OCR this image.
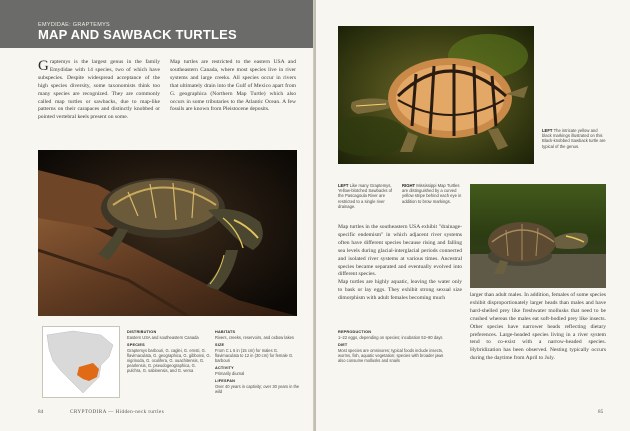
EMYDIDAE: GRAPTEMYS
MAP AND SAWBACK TURTLES
Graptemys is the largest genus in the family Emydidae with 14 species, two of which have subspecies. Despite widespread acceptance of the high species diversity, some taxonomists think too many species are recognized. They are commonly called map turtles or sawbacks, due to map-like patterns on their carapaces and distinctly knobbed or pointed vertebral keels present on some.
Map turtles are restricted to the eastern USA and southeastern Canada, where most species live in river systems and large creeks. All species occur in rivers that ultimately drain into the Gulf of Mexico apart from G. geographica (Northern Map Turtle) which also occurs in some tributaries to the Atlantic Ocean. A few fossils are known from Pleistocene deposits.
DISTRIBUTION
Eastern USA and southeastern Canada
SPECIES
Graptemys barbouri, G. caglei, G. ernsti, G. flavimaculata, G. geographica, G. gibbonsi, G. nigrinoda, G. oculifera, G. ouachitensis, G. pearlensis, G. pseudogeographica, G. pulchra, G. sabinensis, and G. versa
HABITATS
Rivers, creeks, reservoirs, and oxbow lakes
SIZE
From C L 6 in (15 cm) for males G. flavimaculata to 12 in (30 cm) for female G. barbouri
ACTIVITY
Primarily diurnal
LIFESPAN
Over 40 years in captivity; over 30 years in the wild
84	CRYPTODIRA — Hidden-neck turtles
LEFT The intricate yellow and black markings illustrated on this Black-knobbed Sawback turtle are typical of the genus.
LEFT Like many Graptemys, Yellow-blotched Sawbacks of the Pascagoula River are restricted to a single river drainage.
RIGHT Mississippi Map Turtles are distinguished by a curved yellow stripe behind each eye in addition to brow markings.
Map turtles in the southeastern USA exhibit "drainage-specific endemism" in which adjacent river systems often have different species because rising and falling sea levels during glacial-interglacial periods connected and isolated river systems at various times. Ancestral species became separated and eventually evolved into different species.
Map turtles are highly aquatic, leaving the water only to bask or lay eggs. They exhibit strong sexual size dimorphism with adult females becoming much
larger than adult males. In addition, females of some species exhibit disproportionately larger heads than males and have hard-shelled prey like freshwater mollusks that need to be crushed whereas the males eat soft-bodied prey like insects. Other species have narrower heads reflecting dietary preferences. Large-headed species living in a river system tend to co-exist with a narrow-headed species. Hybridization has been observed. Nesting typically occurs during the daytime from April to July.
REPRODUCTION
1–22 eggs, depending on species; incubation 52–80 days
DIET
Most species are omnivores; typical foods include insects, worms, fish, aquatic vegetation; species with broader jaws also consume mollusks and snails
85
